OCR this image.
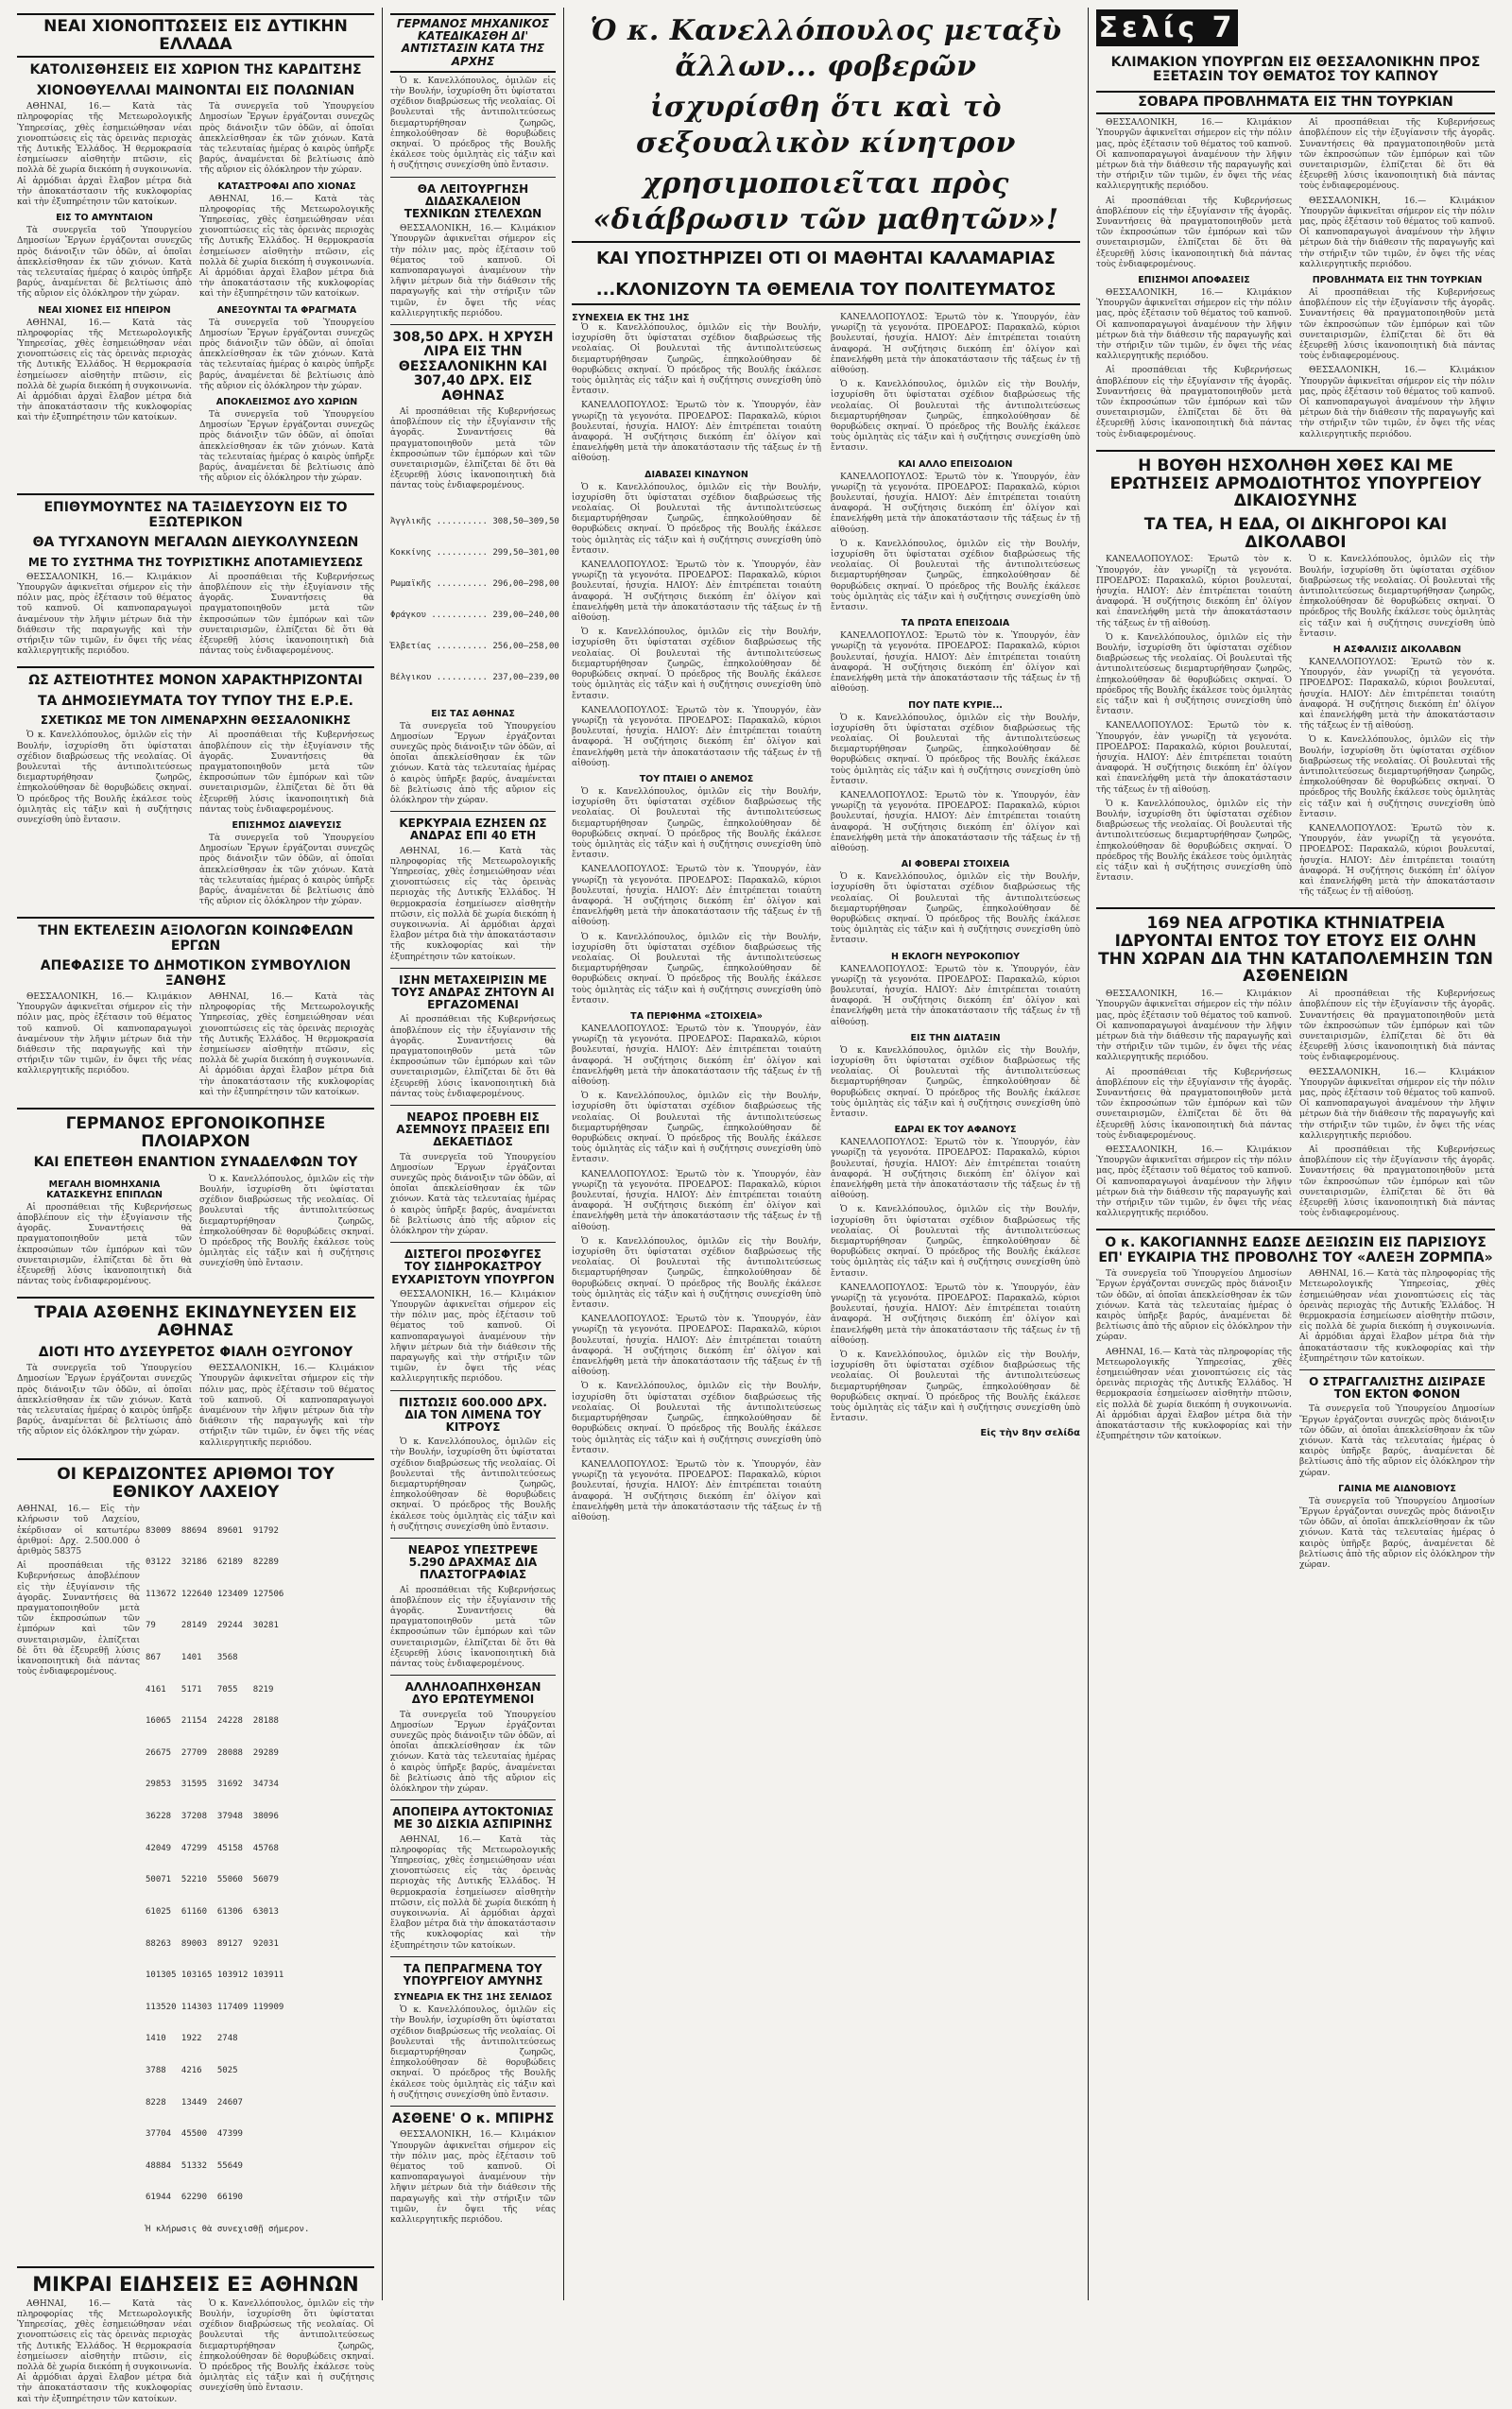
ΝΕΑΙ ΧΙΟΝΟΠΤΩΣΕΙΣ ΕΙΣ ΔΥΤΙΚΗΝ ΕΛΛΑΔΑ
ΚΑΤΟΛΙΣΘΗΣΕΙΣ ΕΙΣ ΧΩΡΙΟΝ ΤΗΣ ΚΑΡΔΙΤΣΗΣ
ΧΙΟΝΟΘΥΕΛΛΑΙ ΜΑΙΝΟΝΤΑΙ ΕΙΣ ΠΟΛΩΝΙΑΝ

ΑΘΗΝΑΙ, 16.— Κατὰ τὰς πληροφορίας τῆς Μετεωρολογικῆς Ὑπηρεσίας, χθὲς ἐσημειώθησαν νέαι χιονοπτώσεις εἰς τὰς ὀρεινὰς περιοχὰς τῆς Δυτικῆς Ἑλλάδος. Ἡ θερμοκρασία ἐσημείωσεν αἰσθητὴν πτῶσιν, εἰς πολλὰ δὲ χωρία διεκόπη ἡ συγκοινωνία. Αἱ ἀρμόδιαι ἀρχαὶ ἔλαβον μέτρα διὰ τὴν ἀποκατάστασιν τῆς κυκλοφορίας καὶ τὴν ἐξυπηρέτησιν τῶν κατοίκων.

ΕΙΣ ΤΟ ΑΜΥΝΤΑΙΟΝ

Τὰ συνεργεῖα τοῦ Ὑπουργείου Δημοσίων Ἔργων ἐργάζονται συνεχῶς πρὸς διάνοιξιν τῶν ὁδῶν, αἱ ὁποῖαι ἀπεκλείσθησαν ἐκ τῶν χιόνων. Κατὰ τὰς τελευταίας ἡμέρας ὁ καιρὸς ὑπῆρξε βαρύς, ἀναμένεται δὲ βελτίωσις ἀπὸ τῆς αὔριον εἰς ὁλόκληρον τὴν χώραν.

ΝΕΑΙ ΧΙΟΝΕΣ ΕΙΣ ΗΠΕΙΡΟΝ

ΑΘΗΝΑΙ, 16.— Κατὰ τὰς πληροφορίας τῆς Μετεωρολογικῆς Ὑπηρεσίας, χθὲς ἐσημειώθησαν νέαι χιονοπτώσεις εἰς τὰς ὀρεινὰς περιοχὰς τῆς Δυτικῆς Ἑλλάδος. Ἡ θερμοκρασία ἐσημείωσεν αἰσθητὴν πτῶσιν, εἰς πολλὰ δὲ χωρία διεκόπη ἡ συγκοινωνία. Αἱ ἀρμόδιαι ἀρχαὶ ἔλαβον μέτρα διὰ τὴν ἀποκατάστασιν τῆς κυκλοφορίας καὶ τὴν ἐξυπηρέτησιν τῶν κατοίκων.

Τὰ συνεργεῖα τοῦ Ὑπουργείου Δημοσίων Ἔργων ἐργάζονται συνεχῶς πρὸς διάνοιξιν τῶν ὁδῶν, αἱ ὁποῖαι ἀπεκλείσθησαν ἐκ τῶν χιόνων. Κατὰ τὰς τελευταίας ἡμέρας ὁ καιρὸς ὑπῆρξε βαρύς, ἀναμένεται δὲ βελτίωσις ἀπὸ τῆς αὔριον εἰς ὁλόκληρον τὴν χώραν.

ΚΑΤΑΣΤΡΟΦΑΙ ΑΠΟ ΧΙΟΝΑΣ

ΑΘΗΝΑΙ, 16.— Κατὰ τὰς πληροφορίας τῆς Μετεωρολογικῆς Ὑπηρεσίας, χθὲς ἐσημειώθησαν νέαι χιονοπτώσεις εἰς τὰς ὀρεινὰς περιοχὰς τῆς Δυτικῆς Ἑλλάδος. Ἡ θερμοκρασία ἐσημείωσεν αἰσθητὴν πτῶσιν, εἰς πολλὰ δὲ χωρία διεκόπη ἡ συγκοινωνία. Αἱ ἀρμόδιαι ἀρχαὶ ἔλαβον μέτρα διὰ τὴν ἀποκατάστασιν τῆς κυκλοφορίας καὶ τὴν ἐξυπηρέτησιν τῶν κατοίκων.

ΑΝΕΞΟΥΝΤΑΙ ΤΑ ΦΡΑΓΜΑΤΑ

Τὰ συνεργεῖα τοῦ Ὑπουργείου Δημοσίων Ἔργων ἐργάζονται συνεχῶς πρὸς διάνοιξιν τῶν ὁδῶν, αἱ ὁποῖαι ἀπεκλείσθησαν ἐκ τῶν χιόνων. Κατὰ τὰς τελευταίας ἡμέρας ὁ καιρὸς ὑπῆρξε βαρύς, ἀναμένεται δὲ βελτίωσις ἀπὸ τῆς αὔριον εἰς ὁλόκληρον τὴν χώραν.

ΑΠΟΚΛΕΙΣΜΟΣ ΔΥΟ ΧΩΡΙΩΝ

Τὰ συνεργεῖα τοῦ Ὑπουργείου Δημοσίων Ἔργων ἐργάζονται συνεχῶς πρὸς διάνοιξιν τῶν ὁδῶν, αἱ ὁποῖαι ἀπεκλείσθησαν ἐκ τῶν χιόνων. Κατὰ τὰς τελευταίας ἡμέρας ὁ καιρὸς ὑπῆρξε βαρύς, ἀναμένεται δὲ βελτίωσις ἀπὸ τῆς αὔριον εἰς ὁλόκληρον τὴν χώραν.

ΕΠΙΘΥΜΟΥΝΤΕΣ ΝΑ ΤΑΞΙΔΕΥΣΟΥΝ ΕΙΣ ΤΟ ΕΞΩΤΕΡΙΚΟΝ
ΘΑ ΤΥΓΧΑΝΟΥΝ ΜΕΓΑΛΩΝ ΔΙΕΥΚΟΛΥΝΣΕΩΝ
ΜΕ ΤΟ ΣΥΣΤΗΜΑ ΤΗΣ ΤΟΥΡΙΣΤΙΚΗΣ ΑΠΟΤΑΜΙΕΥΣΕΩΣ

ΘΕΣΣΑΛΟΝΙΚΗ, 16.— Κλιμάκιον Ὑπουργῶν ἀφικνεῖται σήμερον εἰς τὴν πόλιν μας, πρὸς ἐξέτασιν τοῦ θέματος τοῦ καπνοῦ. Οἱ καπνοπαραγωγοὶ ἀναμένουν τὴν λῆψιν μέτρων διὰ τὴν διάθεσιν τῆς παραγωγῆς καὶ τὴν στήριξιν τῶν τιμῶν, ἐν ὄψει τῆς νέας καλλιεργητικῆς περιόδου.

Αἱ προσπάθειαι τῆς Κυβερνήσεως ἀποβλέπουν εἰς τὴν ἐξυγίανσιν τῆς ἀγορᾶς. Συναντήσεις θὰ πραγματοποιηθοῦν μετὰ τῶν ἐκπροσώπων τῶν ἐμπόρων καὶ τῶν συνεταιρισμῶν, ἐλπίζεται δὲ ὅτι θὰ ἐξευρεθῇ λύσις ἱκανοποιητικὴ διὰ πάντας τοὺς ἐνδιαφερομένους.

ΩΣ ΑΣΤΕΙΟΤΗΤΕΣ ΜΟΝΟΝ ΧΑΡΑΚΤΗΡΙΖΟΝΤΑΙ
ΤΑ ΔΗΜΟΣΙΕΥΜΑΤΑ ΤΟΥ ΤΥΠΟΥ ΤΗΣ Ε.Ρ.Ε.
ΣΧΕΤΙΚΩΣ ΜΕ ΤΟΝ ΛΙΜΕΝΑΡΧΗΝ ΘΕΣΣΑΛΟΝΙΚΗΣ

Ὁ κ. Κανελλόπουλος, ὁμιλῶν εἰς τὴν Βουλήν, ἰσχυρίσθη ὅτι ὑφίσταται σχέδιον διαβρώσεως τῆς νεολαίας. Οἱ βουλευταὶ τῆς ἀντιπολιτεύσεως διεμαρτυρήθησαν ζωηρῶς, ἐπηκολούθησαν δὲ θορυβώδεις σκηναί. Ὁ πρόεδρος τῆς Βουλῆς ἐκάλεσε τοὺς ὁμιλητὰς εἰς τάξιν καὶ ἡ συζήτησις συνεχίσθη ὑπὸ ἔντασιν.

Αἱ προσπάθειαι τῆς Κυβερνήσεως ἀποβλέπουν εἰς τὴν ἐξυγίανσιν τῆς ἀγορᾶς. Συναντήσεις θὰ πραγματοποιηθοῦν μετὰ τῶν ἐκπροσώπων τῶν ἐμπόρων καὶ τῶν συνεταιρισμῶν, ἐλπίζεται δὲ ὅτι θὰ ἐξευρεθῇ λύσις ἱκανοποιητικὴ διὰ πάντας τοὺς ἐνδιαφερομένους.

ΕΠΙΣΗΜΟΣ ΔΙΑΨΕΥΣΙΣ

Τὰ συνεργεῖα τοῦ Ὑπουργείου Δημοσίων Ἔργων ἐργάζονται συνεχῶς πρὸς διάνοιξιν τῶν ὁδῶν, αἱ ὁποῖαι ἀπεκλείσθησαν ἐκ τῶν χιόνων. Κατὰ τὰς τελευταίας ἡμέρας ὁ καιρὸς ὑπῆρξε βαρύς, ἀναμένεται δὲ βελτίωσις ἀπὸ τῆς αὔριον εἰς ὁλόκληρον τὴν χώραν.

ΤΗΝ ΕΚΤΕΛΕΣΙΝ ΑΞΙΟΛΟΓΩΝ ΚΟΙΝΩΦΕΛΩΝ ΕΡΓΩΝ
ΑΠΕΦΑΣΙΣΕ ΤΟ ΔΗΜΟΤΙΚΟΝ ΣΥΜΒΟΥΛΙΟΝ ΞΑΝΘΗΣ

ΘΕΣΣΑΛΟΝΙΚΗ, 16.— Κλιμάκιον Ὑπουργῶν ἀφικνεῖται σήμερον εἰς τὴν πόλιν μας, πρὸς ἐξέτασιν τοῦ θέματος τοῦ καπνοῦ. Οἱ καπνοπαραγωγοὶ ἀναμένουν τὴν λῆψιν μέτρων διὰ τὴν διάθεσιν τῆς παραγωγῆς καὶ τὴν στήριξιν τῶν τιμῶν, ἐν ὄψει τῆς νέας καλλιεργητικῆς περιόδου.

ΑΘΗΝΑΙ, 16.— Κατὰ τὰς πληροφορίας τῆς Μετεωρολογικῆς Ὑπηρεσίας, χθὲς ἐσημειώθησαν νέαι χιονοπτώσεις εἰς τὰς ὀρεινὰς περιοχὰς τῆς Δυτικῆς Ἑλλάδος. Ἡ θερμοκρασία ἐσημείωσεν αἰσθητὴν πτῶσιν, εἰς πολλὰ δὲ χωρία διεκόπη ἡ συγκοινωνία. Αἱ ἀρμόδιαι ἀρχαὶ ἔλαβον μέτρα διὰ τὴν ἀποκατάστασιν τῆς κυκλοφορίας καὶ τὴν ἐξυπηρέτησιν τῶν κατοίκων.

ΓΕΡΜΑΝΟΣ ΕΡΓΟΝΟΙΚΟΠΗΣΕ ΠΛΟΙΑΡΧΟΝ
ΚΑΙ ΕΠΕΤΕΘΗ ΕΝΑΝΤΙΟΝ ΣΥΝΑΔΕΛΦΩΝ ΤΟΥ
ΜΕΓΑΛΗ ΒΙΟΜΗΧΑΝΙΑ ΚΑΤΑΣΚΕΥΗΣ ΕΠΙΠΛΩΝ

Αἱ προσπάθειαι τῆς Κυβερνήσεως ἀποβλέπουν εἰς τὴν ἐξυγίανσιν τῆς ἀγορᾶς. Συναντήσεις θὰ πραγματοποιηθοῦν μετὰ τῶν ἐκπροσώπων τῶν ἐμπόρων καὶ τῶν συνεταιρισμῶν, ἐλπίζεται δὲ ὅτι θὰ ἐξευρεθῇ λύσις ἱκανοποιητικὴ διὰ πάντας τοὺς ἐνδιαφερομένους.

Ὁ κ. Κανελλόπουλος, ὁμιλῶν εἰς τὴν Βουλήν, ἰσχυρίσθη ὅτι ὑφίσταται σχέδιον διαβρώσεως τῆς νεολαίας. Οἱ βουλευταὶ τῆς ἀντιπολιτεύσεως διεμαρτυρήθησαν ζωηρῶς, ἐπηκολούθησαν δὲ θορυβώδεις σκηναί. Ὁ πρόεδρος τῆς Βουλῆς ἐκάλεσε τοὺς ὁμιλητὰς εἰς τάξιν καὶ ἡ συζήτησις συνεχίσθη ὑπὸ ἔντασιν.

ΤΡΑΙΑ ΑΣΘΕΝΗΣ ΕΚΙΝΔΥΝΕΥΣΕΝ ΕΙΣ ΑΘΗΝΑΣ
ΔΙΟΤΙ ΗΤΟ ΔΥΣΕΥΡΕΤΟΣ ΦΙΑΛΗ ΟΞΥΓΟΝΟΥ

Τὰ συνεργεῖα τοῦ Ὑπουργείου Δημοσίων Ἔργων ἐργάζονται συνεχῶς πρὸς διάνοιξιν τῶν ὁδῶν, αἱ ὁποῖαι ἀπεκλείσθησαν ἐκ τῶν χιόνων. Κατὰ τὰς τελευταίας ἡμέρας ὁ καιρὸς ὑπῆρξε βαρύς, ἀναμένεται δὲ βελτίωσις ἀπὸ τῆς αὔριον εἰς ὁλόκληρον τὴν χώραν.

ΘΕΣΣΑΛΟΝΙΚΗ, 16.— Κλιμάκιον Ὑπουργῶν ἀφικνεῖται σήμερον εἰς τὴν πόλιν μας, πρὸς ἐξέτασιν τοῦ θέματος τοῦ καπνοῦ. Οἱ καπνοπαραγωγοὶ ἀναμένουν τὴν λῆψιν μέτρων διὰ τὴν διάθεσιν τῆς παραγωγῆς καὶ τὴν στήριξιν τῶν τιμῶν, ἐν ὄψει τῆς νέας καλλιεργητικῆς περιόδου.

ΟΙ ΚΕΡΔΙΖΟΝΤΕΣ ΑΡΙΘΜΟΙ ΤΟΥ ΕΘΝΙΚΟΥ ΛΑΧΕΙΟΥ

ΑΘΗΝΑΙ, 16.— Εἰς τὴν κλήρωσιν τοῦ Λαχείου, ἐκέρδισαν οἱ κατωτέρω ἀριθμοί: Δρχ. 2.500.000 ὁ ἀριθμὸς 58375

Αἱ προσπάθειαι τῆς Κυβερνήσεως ἀποβλέπουν εἰς τὴν ἐξυγίανσιν τῆς ἀγορᾶς. Συναντήσεις θὰ πραγματοποιηθοῦν μετὰ τῶν ἐκπροσώπων τῶν ἐμπόρων καὶ τῶν συνεταιρισμῶν, ἐλπίζεται δὲ ὅτι θὰ ἐξευρεθῇ λύσις ἱκανοποιητικὴ διὰ πάντας τοὺς ἐνδιαφερομένους.

83009  88694  89601  91792

03122  32186  62189  82289

113672 122640 123409 127506

79     28149  29244  30281

867    1401   3568

4161   5171   7055   8219

16065  21154  24228  28188

26675  27709  28088  29289

29853  31595  31692  34734

36228  37208  37948  38096

42049  47299  45158  45768

50071  52210  55060  56079

61025  61160  61306  63013

88263  89003  89127  92031

101305 103165 103912 103911

113520 114303 117409 119909

1410   1922   2748

3788   4216   5025

8228   13449  24607

37704  45500  47399

48884  51332  55649

61944  62290  66190

Ἡ κλήρωσις θὰ συνεχισθῇ σήμερον.

ΜΙΚΡΑΙ ΕΙΔΗΣΕΙΣ ΕΞ ΑΘΗΝΩΝ

ΑΘΗΝΑΙ, 16.— Κατὰ τὰς πληροφορίας τῆς Μετεωρολογικῆς Ὑπηρεσίας, χθὲς ἐσημειώθησαν νέαι χιονοπτώσεις εἰς τὰς ὀρεινὰς περιοχὰς τῆς Δυτικῆς Ἑλλάδος. Ἡ θερμοκρασία ἐσημείωσεν αἰσθητὴν πτῶσιν, εἰς πολλὰ δὲ χωρία διεκόπη ἡ συγκοινωνία. Αἱ ἀρμόδιαι ἀρχαὶ ἔλαβον μέτρα διὰ τὴν ἀποκατάστασιν τῆς κυκλοφορίας καὶ τὴν ἐξυπηρέτησιν τῶν κατοίκων.

Ὁ κ. Κανελλόπουλος, ὁμιλῶν εἰς τὴν Βουλήν, ἰσχυρίσθη ὅτι ὑφίσταται σχέδιον διαβρώσεως τῆς νεολαίας. Οἱ βουλευταὶ τῆς ἀντιπολιτεύσεως διεμαρτυρήθησαν ζωηρῶς, ἐπηκολούθησαν δὲ θορυβώδεις σκηναί. Ὁ πρόεδρος τῆς Βουλῆς ἐκάλεσε τοὺς ὁμιλητὰς εἰς τάξιν καὶ ἡ συζήτησις συνεχίσθη ὑπὸ ἔντασιν.

ΓΕΡΜΑΝΟΣ ΜΗΧΑΝΙΚΟΣ ΚΑΤΕΔΙΚΑΣΘΗ ΔΙ' ΑΝΤΙΣΤΑΣΙΝ ΚΑΤΑ ΤΗΣ ΑΡΧΗΣ

Ὁ κ. Κανελλόπουλος, ὁμιλῶν εἰς τὴν Βουλήν, ἰσχυρίσθη ὅτι ὑφίσταται σχέδιον διαβρώσεως τῆς νεολαίας. Οἱ βουλευταὶ τῆς ἀντιπολιτεύσεως διεμαρτυρήθησαν ζωηρῶς, ἐπηκολούθησαν δὲ θορυβώδεις σκηναί. Ὁ πρόεδρος τῆς Βουλῆς ἐκάλεσε τοὺς ὁμιλητὰς εἰς τάξιν καὶ ἡ συζήτησις συνεχίσθη ὑπὸ ἔντασιν.

ΘΑ ΛΕΙΤΟΥΡΓΗΣΗ ΔΙΔΑΣΚΑΛΕΙΟΝ ΤΕΧΝΙΚΩΝ ΣΤΕΛΕΧΩΝ

ΘΕΣΣΑΛΟΝΙΚΗ, 16.— Κλιμάκιον Ὑπουργῶν ἀφικνεῖται σήμερον εἰς τὴν πόλιν μας, πρὸς ἐξέτασιν τοῦ θέματος τοῦ καπνοῦ. Οἱ καπνοπαραγωγοὶ ἀναμένουν τὴν λῆψιν μέτρων διὰ τὴν διάθεσιν τῆς παραγωγῆς καὶ τὴν στήριξιν τῶν τιμῶν, ἐν ὄψει τῆς νέας καλλιεργητικῆς περιόδου.

308,50 ΔΡΧ. Η ΧΡΥΣΗ ΛΙΡΑ ΕΙΣ ΤΗΝ ΘΕΣΣΑΛΟΝΙΚΗΝ ΚΑΙ 307,40 ΔΡΧ. ΕΙΣ ΑΘΗΝΑΣ

Αἱ προσπάθειαι τῆς Κυβερνήσεως ἀποβλέπουν εἰς τὴν ἐξυγίανσιν τῆς ἀγορᾶς. Συναντήσεις θὰ πραγματοποιηθοῦν μετὰ τῶν ἐκπροσώπων τῶν ἐμπόρων καὶ τῶν συνεταιρισμῶν, ἐλπίζεται δὲ ὅτι θὰ ἐξευρεθῇ λύσις ἱκανοποιητικὴ διὰ πάντας τοὺς ἐνδιαφερομένους.

Ἀγγλικῆς .......... 308,50—309,50

Κοκκίνης .......... 299,50—301,00

Ρωμαϊκῆς .......... 296,00—298,00

Φράγκου ........... 239,00—240,00

Ἑλβετίας .......... 256,00—258,00

Βέλγικου .......... 237,00—239,00

ΕΙΣ ΤΑΣ ΑΘΗΝΑΣ

Τὰ συνεργεῖα τοῦ Ὑπουργείου Δημοσίων Ἔργων ἐργάζονται συνεχῶς πρὸς διάνοιξιν τῶν ὁδῶν, αἱ ὁποῖαι ἀπεκλείσθησαν ἐκ τῶν χιόνων. Κατὰ τὰς τελευταίας ἡμέρας ὁ καιρὸς ὑπῆρξε βαρύς, ἀναμένεται δὲ βελτίωσις ἀπὸ τῆς αὔριον εἰς ὁλόκληρον τὴν χώραν.

ΚΕΡΚΥΡΑΙΑ ΕΖΗΣΕΝ ΩΣ ΑΝΔΡΑΣ ΕΠΙ 40 ΕΤΗ

ΑΘΗΝΑΙ, 16.— Κατὰ τὰς πληροφορίας τῆς Μετεωρολογικῆς Ὑπηρεσίας, χθὲς ἐσημειώθησαν νέαι χιονοπτώσεις εἰς τὰς ὀρεινὰς περιοχὰς τῆς Δυτικῆς Ἑλλάδος. Ἡ θερμοκρασία ἐσημείωσεν αἰσθητὴν πτῶσιν, εἰς πολλὰ δὲ χωρία διεκόπη ἡ συγκοινωνία. Αἱ ἀρμόδιαι ἀρχαὶ ἔλαβον μέτρα διὰ τὴν ἀποκατάστασιν τῆς κυκλοφορίας καὶ τὴν ἐξυπηρέτησιν τῶν κατοίκων.

ΙΣΗΝ ΜΕΤΑΧΕΙΡΙΣΙΝ ΜΕ ΤΟΥΣ ΑΝΔΡΑΣ ΖΗΤΟΥΝ ΑΙ ΕΡΓΑΖΟΜΕΝΑΙ

Αἱ προσπάθειαι τῆς Κυβερνήσεως ἀποβλέπουν εἰς τὴν ἐξυγίανσιν τῆς ἀγορᾶς. Συναντήσεις θὰ πραγματοποιηθοῦν μετὰ τῶν ἐκπροσώπων τῶν ἐμπόρων καὶ τῶν συνεταιρισμῶν, ἐλπίζεται δὲ ὅτι θὰ ἐξευρεθῇ λύσις ἱκανοποιητικὴ διὰ πάντας τοὺς ἐνδιαφερομένους.

ΝΕΑΡΟΣ ΠΡΟΕΒΗ ΕΙΣ ΑΣΕΜΝΟΥΣ ΠΡΑΞΕΙΣ ΕΠΙ ΔΕΚΑΕΤΙΔΟΣ

Τὰ συνεργεῖα τοῦ Ὑπουργείου Δημοσίων Ἔργων ἐργάζονται συνεχῶς πρὸς διάνοιξιν τῶν ὁδῶν, αἱ ὁποῖαι ἀπεκλείσθησαν ἐκ τῶν χιόνων. Κατὰ τὰς τελευταίας ἡμέρας ὁ καιρὸς ὑπῆρξε βαρύς, ἀναμένεται δὲ βελτίωσις ἀπὸ τῆς αὔριον εἰς ὁλόκληρον τὴν χώραν.

ΔΙΣΤΕΓΟΙ ΠΡΟΣΦΥΓΕΣ ΤΟΥ ΣΙΔΗΡΟΚΑΣΤΡΟΥ ΕΥΧΑΡΙΣΤΟΥΝ ΥΠΟΥΡΓΟΝ

ΘΕΣΣΑΛΟΝΙΚΗ, 16.— Κλιμάκιον Ὑπουργῶν ἀφικνεῖται σήμερον εἰς τὴν πόλιν μας, πρὸς ἐξέτασιν τοῦ θέματος τοῦ καπνοῦ. Οἱ καπνοπαραγωγοὶ ἀναμένουν τὴν λῆψιν μέτρων διὰ τὴν διάθεσιν τῆς παραγωγῆς καὶ τὴν στήριξιν τῶν τιμῶν, ἐν ὄψει τῆς νέας καλλιεργητικῆς περιόδου.

ΠΙΣΤΩΣΙΣ 600.000 ΔΡΧ. ΔΙΑ ΤΟΝ ΛΙΜΕΝΑ ΤΟΥ ΚΙΤΡΟΥΣ

Ὁ κ. Κανελλόπουλος, ὁμιλῶν εἰς τὴν Βουλήν, ἰσχυρίσθη ὅτι ὑφίσταται σχέδιον διαβρώσεως τῆς νεολαίας. Οἱ βουλευταὶ τῆς ἀντιπολιτεύσεως διεμαρτυρήθησαν ζωηρῶς, ἐπηκολούθησαν δὲ θορυβώδεις σκηναί. Ὁ πρόεδρος τῆς Βουλῆς ἐκάλεσε τοὺς ὁμιλητὰς εἰς τάξιν καὶ ἡ συζήτησις συνεχίσθη ὑπὸ ἔντασιν.

ΝΕΑΡΟΣ ΥΠΕΣΤΡΕΨΕ 5.290 ΔΡΑΧΜΑΣ ΔΙΑ ΠΛΑΣΤΟΓΡΑΦΙΑΣ

Αἱ προσπάθειαι τῆς Κυβερνήσεως ἀποβλέπουν εἰς τὴν ἐξυγίανσιν τῆς ἀγορᾶς. Συναντήσεις θὰ πραγματοποιηθοῦν μετὰ τῶν ἐκπροσώπων τῶν ἐμπόρων καὶ τῶν συνεταιρισμῶν, ἐλπίζεται δὲ ὅτι θὰ ἐξευρεθῇ λύσις ἱκανοποιητικὴ διὰ πάντας τοὺς ἐνδιαφερομένους.

ΑΛΛΗΛΟΑΠΗΧΘΗΣΑΝ ΔΥΟ ΕΡΩΤΕΥΜΕΝΟΙ

Τὰ συνεργεῖα τοῦ Ὑπουργείου Δημοσίων Ἔργων ἐργάζονται συνεχῶς πρὸς διάνοιξιν τῶν ὁδῶν, αἱ ὁποῖαι ἀπεκλείσθησαν ἐκ τῶν χιόνων. Κατὰ τὰς τελευταίας ἡμέρας ὁ καιρὸς ὑπῆρξε βαρύς, ἀναμένεται δὲ βελτίωσις ἀπὸ τῆς αὔριον εἰς ὁλόκληρον τὴν χώραν.

ΑΠΟΠΕΙΡΑ ΑΥΤΟΚΤΟΝΙΑΣ ΜΕ 30 ΔΙΣΚΙΑ ΑΣΠΙΡΙΝΗΣ

ΑΘΗΝΑΙ, 16.— Κατὰ τὰς πληροφορίας τῆς Μετεωρολογικῆς Ὑπηρεσίας, χθὲς ἐσημειώθησαν νέαι χιονοπτώσεις εἰς τὰς ὀρεινὰς περιοχὰς τῆς Δυτικῆς Ἑλλάδος. Ἡ θερμοκρασία ἐσημείωσεν αἰσθητὴν πτῶσιν, εἰς πολλὰ δὲ χωρία διεκόπη ἡ συγκοινωνία. Αἱ ἀρμόδιαι ἀρχαὶ ἔλαβον μέτρα διὰ τὴν ἀποκατάστασιν τῆς κυκλοφορίας καὶ τὴν ἐξυπηρέτησιν τῶν κατοίκων.

ΤΑ ΠΕΠΡΑΓΜΕΝΑ ΤΟΥ ΥΠΟΥΡΓΕΙΟΥ ΑΜΥΝΗΣ
ΣΥΝΕΔΡΙΑ ΕΚ ΤΗΣ 1ΗΣ ΣΕΛΙΔΟΣ

Ὁ κ. Κανελλόπουλος, ὁμιλῶν εἰς τὴν Βουλήν, ἰσχυρίσθη ὅτι ὑφίσταται σχέδιον διαβρώσεως τῆς νεολαίας. Οἱ βουλευταὶ τῆς ἀντιπολιτεύσεως διεμαρτυρήθησαν ζωηρῶς, ἐπηκολούθησαν δὲ θορυβώδεις σκηναί. Ὁ πρόεδρος τῆς Βουλῆς ἐκάλεσε τοὺς ὁμιλητὰς εἰς τάξιν καὶ ἡ συζήτησις συνεχίσθη ὑπὸ ἔντασιν.

ΑΣΘΕΝΕ' Ο κ. ΜΠΙΡΗΣ

ΘΕΣΣΑΛΟΝΙΚΗ, 16.— Κλιμάκιον Ὑπουργῶν ἀφικνεῖται σήμερον εἰς τὴν πόλιν μας, πρὸς ἐξέτασιν τοῦ θέματος τοῦ καπνοῦ. Οἱ καπνοπαραγωγοὶ ἀναμένουν τὴν λῆψιν μέτρων διὰ τὴν διάθεσιν τῆς παραγωγῆς καὶ τὴν στήριξιν τῶν τιμῶν, ἐν ὄψει τῆς νέας καλλιεργητικῆς περιόδου.

Ὁ κ. Κανελλόπουλος μεταξὺ ἄλλων... φοβερῶν
ἰσχυρίσθη ὅτι καὶ τὸ σεξουαλικὸν κίνητρον
χρησιμοποιεῖται πρὸς «διάβρωσιν τῶν μαθητῶν»!
ΚΑΙ ΥΠΟΣΤΗΡΙΖΕΙ ΟΤΙ ΟΙ ΜΑΘΗΤΑΙ ΚΑΛΑΜΑΡΙΑΣ
...ΚΛΟΝΙΖΟΥΝ ΤΑ ΘΕΜΕΛΙΑ ΤΟΥ ΠΟΛΙΤΕΥΜΑΤΟΣ
ΣΥΝΕΧΕΙΑ ΕΚ ΤΗΣ 1ΗΣ

Ὁ κ. Κανελλόπουλος, ὁμιλῶν εἰς τὴν Βουλήν, ἰσχυρίσθη ὅτι ὑφίσταται σχέδιον διαβρώσεως τῆς νεολαίας. Οἱ βουλευταὶ τῆς ἀντιπολιτεύσεως διεμαρτυρήθησαν ζωηρῶς, ἐπηκολούθησαν δὲ θορυβώδεις σκηναί. Ὁ πρόεδρος τῆς Βουλῆς ἐκάλεσε τοὺς ὁμιλητὰς εἰς τάξιν καὶ ἡ συζήτησις συνεχίσθη ὑπὸ ἔντασιν.

ΚΑΝΕΛΛΟΠΟΥΛΟΣ: Ἐρωτῶ τὸν κ. Ὑπουργόν, ἐὰν γνωρίζῃ τὰ γεγονότα. ΠΡΟΕΔΡΟΣ: Παρακαλῶ, κύριοι βουλευταί, ἡσυχία. ΗΛΙΟΥ: Δὲν ἐπιτρέπεται τοιαύτη ἀναφορά. Ἡ συζήτησις διεκόπη ἐπ' ὀλίγον καὶ ἐπανελήφθη μετὰ τὴν ἀποκατάστασιν τῆς τάξεως ἐν τῇ αἰθούσῃ.

ΔΙΑΒΑΣΕΙ ΚΙΝΔΥΝΟΝ

Ὁ κ. Κανελλόπουλος, ὁμιλῶν εἰς τὴν Βουλήν, ἰσχυρίσθη ὅτι ὑφίσταται σχέδιον διαβρώσεως τῆς νεολαίας. Οἱ βουλευταὶ τῆς ἀντιπολιτεύσεως διεμαρτυρήθησαν ζωηρῶς, ἐπηκολούθησαν δὲ θορυβώδεις σκηναί. Ὁ πρόεδρος τῆς Βουλῆς ἐκάλεσε τοὺς ὁμιλητὰς εἰς τάξιν καὶ ἡ συζήτησις συνεχίσθη ὑπὸ ἔντασιν.

ΚΑΝΕΛΛΟΠΟΥΛΟΣ: Ἐρωτῶ τὸν κ. Ὑπουργόν, ἐὰν γνωρίζῃ τὰ γεγονότα. ΠΡΟΕΔΡΟΣ: Παρακαλῶ, κύριοι βουλευταί, ἡσυχία. ΗΛΙΟΥ: Δὲν ἐπιτρέπεται τοιαύτη ἀναφορά. Ἡ συζήτησις διεκόπη ἐπ' ὀλίγον καὶ ἐπανελήφθη μετὰ τὴν ἀποκατάστασιν τῆς τάξεως ἐν τῇ αἰθούσῃ.

Ὁ κ. Κανελλόπουλος, ὁμιλῶν εἰς τὴν Βουλήν, ἰσχυρίσθη ὅτι ὑφίσταται σχέδιον διαβρώσεως τῆς νεολαίας. Οἱ βουλευταὶ τῆς ἀντιπολιτεύσεως διεμαρτυρήθησαν ζωηρῶς, ἐπηκολούθησαν δὲ θορυβώδεις σκηναί. Ὁ πρόεδρος τῆς Βουλῆς ἐκάλεσε τοὺς ὁμιλητὰς εἰς τάξιν καὶ ἡ συζήτησις συνεχίσθη ὑπὸ ἔντασιν.

ΚΑΝΕΛΛΟΠΟΥΛΟΣ: Ἐρωτῶ τὸν κ. Ὑπουργόν, ἐὰν γνωρίζῃ τὰ γεγονότα. ΠΡΟΕΔΡΟΣ: Παρακαλῶ, κύριοι βουλευταί, ἡσυχία. ΗΛΙΟΥ: Δὲν ἐπιτρέπεται τοιαύτη ἀναφορά. Ἡ συζήτησις διεκόπη ἐπ' ὀλίγον καὶ ἐπανελήφθη μετὰ τὴν ἀποκατάστασιν τῆς τάξεως ἐν τῇ αἰθούσῃ.

ΤΟΥ ΠΤΑΙΕΙ Ο ΑΝΕΜΟΣ

Ὁ κ. Κανελλόπουλος, ὁμιλῶν εἰς τὴν Βουλήν, ἰσχυρίσθη ὅτι ὑφίσταται σχέδιον διαβρώσεως τῆς νεολαίας. Οἱ βουλευταὶ τῆς ἀντιπολιτεύσεως διεμαρτυρήθησαν ζωηρῶς, ἐπηκολούθησαν δὲ θορυβώδεις σκηναί. Ὁ πρόεδρος τῆς Βουλῆς ἐκάλεσε τοὺς ὁμιλητὰς εἰς τάξιν καὶ ἡ συζήτησις συνεχίσθη ὑπὸ ἔντασιν.

ΚΑΝΕΛΛΟΠΟΥΛΟΣ: Ἐρωτῶ τὸν κ. Ὑπουργόν, ἐὰν γνωρίζῃ τὰ γεγονότα. ΠΡΟΕΔΡΟΣ: Παρακαλῶ, κύριοι βουλευταί, ἡσυχία. ΗΛΙΟΥ: Δὲν ἐπιτρέπεται τοιαύτη ἀναφορά. Ἡ συζήτησις διεκόπη ἐπ' ὀλίγον καὶ ἐπανελήφθη μετὰ τὴν ἀποκατάστασιν τῆς τάξεως ἐν τῇ αἰθούσῃ.

Ὁ κ. Κανελλόπουλος, ὁμιλῶν εἰς τὴν Βουλήν, ἰσχυρίσθη ὅτι ὑφίσταται σχέδιον διαβρώσεως τῆς νεολαίας. Οἱ βουλευταὶ τῆς ἀντιπολιτεύσεως διεμαρτυρήθησαν ζωηρῶς, ἐπηκολούθησαν δὲ θορυβώδεις σκηναί. Ὁ πρόεδρος τῆς Βουλῆς ἐκάλεσε τοὺς ὁμιλητὰς εἰς τάξιν καὶ ἡ συζήτησις συνεχίσθη ὑπὸ ἔντασιν.

ΤΑ ΠΕΡΙΦΗΜΑ «ΣΤΟΙΧΕΙΑ»

ΚΑΝΕΛΛΟΠΟΥΛΟΣ: Ἐρωτῶ τὸν κ. Ὑπουργόν, ἐὰν γνωρίζῃ τὰ γεγονότα. ΠΡΟΕΔΡΟΣ: Παρακαλῶ, κύριοι βουλευταί, ἡσυχία. ΗΛΙΟΥ: Δὲν ἐπιτρέπεται τοιαύτη ἀναφορά. Ἡ συζήτησις διεκόπη ἐπ' ὀλίγον καὶ ἐπανελήφθη μετὰ τὴν ἀποκατάστασιν τῆς τάξεως ἐν τῇ αἰθούσῃ.

Ὁ κ. Κανελλόπουλος, ὁμιλῶν εἰς τὴν Βουλήν, ἰσχυρίσθη ὅτι ὑφίσταται σχέδιον διαβρώσεως τῆς νεολαίας. Οἱ βουλευταὶ τῆς ἀντιπολιτεύσεως διεμαρτυρήθησαν ζωηρῶς, ἐπηκολούθησαν δὲ θορυβώδεις σκηναί. Ὁ πρόεδρος τῆς Βουλῆς ἐκάλεσε τοὺς ὁμιλητὰς εἰς τάξιν καὶ ἡ συζήτησις συνεχίσθη ὑπὸ ἔντασιν.

ΚΑΝΕΛΛΟΠΟΥΛΟΣ: Ἐρωτῶ τὸν κ. Ὑπουργόν, ἐὰν γνωρίζῃ τὰ γεγονότα. ΠΡΟΕΔΡΟΣ: Παρακαλῶ, κύριοι βουλευταί, ἡσυχία. ΗΛΙΟΥ: Δὲν ἐπιτρέπεται τοιαύτη ἀναφορά. Ἡ συζήτησις διεκόπη ἐπ' ὀλίγον καὶ ἐπανελήφθη μετὰ τὴν ἀποκατάστασιν τῆς τάξεως ἐν τῇ αἰθούσῃ.

Ὁ κ. Κανελλόπουλος, ὁμιλῶν εἰς τὴν Βουλήν, ἰσχυρίσθη ὅτι ὑφίσταται σχέδιον διαβρώσεως τῆς νεολαίας. Οἱ βουλευταὶ τῆς ἀντιπολιτεύσεως διεμαρτυρήθησαν ζωηρῶς, ἐπηκολούθησαν δὲ θορυβώδεις σκηναί. Ὁ πρόεδρος τῆς Βουλῆς ἐκάλεσε τοὺς ὁμιλητὰς εἰς τάξιν καὶ ἡ συζήτησις συνεχίσθη ὑπὸ ἔντασιν.

ΚΑΝΕΛΛΟΠΟΥΛΟΣ: Ἐρωτῶ τὸν κ. Ὑπουργόν, ἐὰν γνωρίζῃ τὰ γεγονότα. ΠΡΟΕΔΡΟΣ: Παρακαλῶ, κύριοι βουλευταί, ἡσυχία. ΗΛΙΟΥ: Δὲν ἐπιτρέπεται τοιαύτη ἀναφορά. Ἡ συζήτησις διεκόπη ἐπ' ὀλίγον καὶ ἐπανελήφθη μετὰ τὴν ἀποκατάστασιν τῆς τάξεως ἐν τῇ αἰθούσῃ.

Ὁ κ. Κανελλόπουλος, ὁμιλῶν εἰς τὴν Βουλήν, ἰσχυρίσθη ὅτι ὑφίσταται σχέδιον διαβρώσεως τῆς νεολαίας. Οἱ βουλευταὶ τῆς ἀντιπολιτεύσεως διεμαρτυρήθησαν ζωηρῶς, ἐπηκολούθησαν δὲ θορυβώδεις σκηναί. Ὁ πρόεδρος τῆς Βουλῆς ἐκάλεσε τοὺς ὁμιλητὰς εἰς τάξιν καὶ ἡ συζήτησις συνεχίσθη ὑπὸ ἔντασιν.

ΚΑΝΕΛΛΟΠΟΥΛΟΣ: Ἐρωτῶ τὸν κ. Ὑπουργόν, ἐὰν γνωρίζῃ τὰ γεγονότα. ΠΡΟΕΔΡΟΣ: Παρακαλῶ, κύριοι βουλευταί, ἡσυχία. ΗΛΙΟΥ: Δὲν ἐπιτρέπεται τοιαύτη ἀναφορά. Ἡ συζήτησις διεκόπη ἐπ' ὀλίγον καὶ ἐπανελήφθη μετὰ τὴν ἀποκατάστασιν τῆς τάξεως ἐν τῇ αἰθούσῃ.

ΚΑΝΕΛΛΟΠΟΥΛΟΣ: Ἐρωτῶ τὸν κ. Ὑπουργόν, ἐὰν γνωρίζῃ τὰ γεγονότα. ΠΡΟΕΔΡΟΣ: Παρακαλῶ, κύριοι βουλευταί, ἡσυχία. ΗΛΙΟΥ: Δὲν ἐπιτρέπεται τοιαύτη ἀναφορά. Ἡ συζήτησις διεκόπη ἐπ' ὀλίγον καὶ ἐπανελήφθη μετὰ τὴν ἀποκατάστασιν τῆς τάξεως ἐν τῇ αἰθούσῃ.

Ὁ κ. Κανελλόπουλος, ὁμιλῶν εἰς τὴν Βουλήν, ἰσχυρίσθη ὅτι ὑφίσταται σχέδιον διαβρώσεως τῆς νεολαίας. Οἱ βουλευταὶ τῆς ἀντιπολιτεύσεως διεμαρτυρήθησαν ζωηρῶς, ἐπηκολούθησαν δὲ θορυβώδεις σκηναί. Ὁ πρόεδρος τῆς Βουλῆς ἐκάλεσε τοὺς ὁμιλητὰς εἰς τάξιν καὶ ἡ συζήτησις συνεχίσθη ὑπὸ ἔντασιν.

ΚΑΙ ΑΛΛΟ ΕΠΕΙΣΟΔΙΟΝ

ΚΑΝΕΛΛΟΠΟΥΛΟΣ: Ἐρωτῶ τὸν κ. Ὑπουργόν, ἐὰν γνωρίζῃ τὰ γεγονότα. ΠΡΟΕΔΡΟΣ: Παρακαλῶ, κύριοι βουλευταί, ἡσυχία. ΗΛΙΟΥ: Δὲν ἐπιτρέπεται τοιαύτη ἀναφορά. Ἡ συζήτησις διεκόπη ἐπ' ὀλίγον καὶ ἐπανελήφθη μετὰ τὴν ἀποκατάστασιν τῆς τάξεως ἐν τῇ αἰθούσῃ.

Ὁ κ. Κανελλόπουλος, ὁμιλῶν εἰς τὴν Βουλήν, ἰσχυρίσθη ὅτι ὑφίσταται σχέδιον διαβρώσεως τῆς νεολαίας. Οἱ βουλευταὶ τῆς ἀντιπολιτεύσεως διεμαρτυρήθησαν ζωηρῶς, ἐπηκολούθησαν δὲ θορυβώδεις σκηναί. Ὁ πρόεδρος τῆς Βουλῆς ἐκάλεσε τοὺς ὁμιλητὰς εἰς τάξιν καὶ ἡ συζήτησις συνεχίσθη ὑπὸ ἔντασιν.

ΤΑ ΠΡΩΤΑ ΕΠΕΙΣΟΔΙΑ

ΚΑΝΕΛΛΟΠΟΥΛΟΣ: Ἐρωτῶ τὸν κ. Ὑπουργόν, ἐὰν γνωρίζῃ τὰ γεγονότα. ΠΡΟΕΔΡΟΣ: Παρακαλῶ, κύριοι βουλευταί, ἡσυχία. ΗΛΙΟΥ: Δὲν ἐπιτρέπεται τοιαύτη ἀναφορά. Ἡ συζήτησις διεκόπη ἐπ' ὀλίγον καὶ ἐπανελήφθη μετὰ τὴν ἀποκατάστασιν τῆς τάξεως ἐν τῇ αἰθούσῃ.

ΠΟΥ ΠΑΤΕ ΚΥΡΙΕ...

Ὁ κ. Κανελλόπουλος, ὁμιλῶν εἰς τὴν Βουλήν, ἰσχυρίσθη ὅτι ὑφίσταται σχέδιον διαβρώσεως τῆς νεολαίας. Οἱ βουλευταὶ τῆς ἀντιπολιτεύσεως διεμαρτυρήθησαν ζωηρῶς, ἐπηκολούθησαν δὲ θορυβώδεις σκηναί. Ὁ πρόεδρος τῆς Βουλῆς ἐκάλεσε τοὺς ὁμιλητὰς εἰς τάξιν καὶ ἡ συζήτησις συνεχίσθη ὑπὸ ἔντασιν.

ΚΑΝΕΛΛΟΠΟΥΛΟΣ: Ἐρωτῶ τὸν κ. Ὑπουργόν, ἐὰν γνωρίζῃ τὰ γεγονότα. ΠΡΟΕΔΡΟΣ: Παρακαλῶ, κύριοι βουλευταί, ἡσυχία. ΗΛΙΟΥ: Δὲν ἐπιτρέπεται τοιαύτη ἀναφορά. Ἡ συζήτησις διεκόπη ἐπ' ὀλίγον καὶ ἐπανελήφθη μετὰ τὴν ἀποκατάστασιν τῆς τάξεως ἐν τῇ αἰθούσῃ.

ΑΙ ΦΟΒΕΡΑΙ ΣΤΟΙΧΕΙΑ

Ὁ κ. Κανελλόπουλος, ὁμιλῶν εἰς τὴν Βουλήν, ἰσχυρίσθη ὅτι ὑφίσταται σχέδιον διαβρώσεως τῆς νεολαίας. Οἱ βουλευταὶ τῆς ἀντιπολιτεύσεως διεμαρτυρήθησαν ζωηρῶς, ἐπηκολούθησαν δὲ θορυβώδεις σκηναί. Ὁ πρόεδρος τῆς Βουλῆς ἐκάλεσε τοὺς ὁμιλητὰς εἰς τάξιν καὶ ἡ συζήτησις συνεχίσθη ὑπὸ ἔντασιν.

Η ΕΚΛΟΓΗ ΝΕΥΡΟΚΟΠΙΟΥ

ΚΑΝΕΛΛΟΠΟΥΛΟΣ: Ἐρωτῶ τὸν κ. Ὑπουργόν, ἐὰν γνωρίζῃ τὰ γεγονότα. ΠΡΟΕΔΡΟΣ: Παρακαλῶ, κύριοι βουλευταί, ἡσυχία. ΗΛΙΟΥ: Δὲν ἐπιτρέπεται τοιαύτη ἀναφορά. Ἡ συζήτησις διεκόπη ἐπ' ὀλίγον καὶ ἐπανελήφθη μετὰ τὴν ἀποκατάστασιν τῆς τάξεως ἐν τῇ αἰθούσῃ.

ΕΙΣ ΤΗΝ ΔΙΑΤΑΞΙΝ

Ὁ κ. Κανελλόπουλος, ὁμιλῶν εἰς τὴν Βουλήν, ἰσχυρίσθη ὅτι ὑφίσταται σχέδιον διαβρώσεως τῆς νεολαίας. Οἱ βουλευταὶ τῆς ἀντιπολιτεύσεως διεμαρτυρήθησαν ζωηρῶς, ἐπηκολούθησαν δὲ θορυβώδεις σκηναί. Ὁ πρόεδρος τῆς Βουλῆς ἐκάλεσε τοὺς ὁμιλητὰς εἰς τάξιν καὶ ἡ συζήτησις συνεχίσθη ὑπὸ ἔντασιν.

ΕΔΡΑΙ ΕΚ ΤΟΥ ΑΦΑΝΟΥΣ

ΚΑΝΕΛΛΟΠΟΥΛΟΣ: Ἐρωτῶ τὸν κ. Ὑπουργόν, ἐὰν γνωρίζῃ τὰ γεγονότα. ΠΡΟΕΔΡΟΣ: Παρακαλῶ, κύριοι βουλευταί, ἡσυχία. ΗΛΙΟΥ: Δὲν ἐπιτρέπεται τοιαύτη ἀναφορά. Ἡ συζήτησις διεκόπη ἐπ' ὀλίγον καὶ ἐπανελήφθη μετὰ τὴν ἀποκατάστασιν τῆς τάξεως ἐν τῇ αἰθούσῃ.

Ὁ κ. Κανελλόπουλος, ὁμιλῶν εἰς τὴν Βουλήν, ἰσχυρίσθη ὅτι ὑφίσταται σχέδιον διαβρώσεως τῆς νεολαίας. Οἱ βουλευταὶ τῆς ἀντιπολιτεύσεως διεμαρτυρήθησαν ζωηρῶς, ἐπηκολούθησαν δὲ θορυβώδεις σκηναί. Ὁ πρόεδρος τῆς Βουλῆς ἐκάλεσε τοὺς ὁμιλητὰς εἰς τάξιν καὶ ἡ συζήτησις συνεχίσθη ὑπὸ ἔντασιν.

ΚΑΝΕΛΛΟΠΟΥΛΟΣ: Ἐρωτῶ τὸν κ. Ὑπουργόν, ἐὰν γνωρίζῃ τὰ γεγονότα. ΠΡΟΕΔΡΟΣ: Παρακαλῶ, κύριοι βουλευταί, ἡσυχία. ΗΛΙΟΥ: Δὲν ἐπιτρέπεται τοιαύτη ἀναφορά. Ἡ συζήτησις διεκόπη ἐπ' ὀλίγον καὶ ἐπανελήφθη μετὰ τὴν ἀποκατάστασιν τῆς τάξεως ἐν τῇ αἰθούσῃ.

Ὁ κ. Κανελλόπουλος, ὁμιλῶν εἰς τὴν Βουλήν, ἰσχυρίσθη ὅτι ὑφίσταται σχέδιον διαβρώσεως τῆς νεολαίας. Οἱ βουλευταὶ τῆς ἀντιπολιτεύσεως διεμαρτυρήθησαν ζωηρῶς, ἐπηκολούθησαν δὲ θορυβώδεις σκηναί. Ὁ πρόεδρος τῆς Βουλῆς ἐκάλεσε τοὺς ὁμιλητὰς εἰς τάξιν καὶ ἡ συζήτησις συνεχίσθη ὑπὸ ἔντασιν.

Εἰς τὴν 8ην σελίδα
Σελίς 7
ΚΛΙΜΑΚΙΟΝ ΥΠΟΥΡΓΩΝ ΕΙΣ ΘΕΣΣΑΛΟΝΙΚΗΝ ΠΡΟΣ ΕΞΕΤΑΣΙΝ ΤΟΥ ΘΕΜΑΤΟΣ ΤΟΥ ΚΑΠΝΟΥ
ΣΟΒΑΡΑ ΠΡΟΒΛΗΜΑΤΑ ΕΙΣ ΤΗΝ ΤΟΥΡΚΙΑΝ

ΘΕΣΣΑΛΟΝΙΚΗ, 16.— Κλιμάκιον Ὑπουργῶν ἀφικνεῖται σήμερον εἰς τὴν πόλιν μας, πρὸς ἐξέτασιν τοῦ θέματος τοῦ καπνοῦ. Οἱ καπνοπαραγωγοὶ ἀναμένουν τὴν λῆψιν μέτρων διὰ τὴν διάθεσιν τῆς παραγωγῆς καὶ τὴν στήριξιν τῶν τιμῶν, ἐν ὄψει τῆς νέας καλλιεργητικῆς περιόδου.

Αἱ προσπάθειαι τῆς Κυβερνήσεως ἀποβλέπουν εἰς τὴν ἐξυγίανσιν τῆς ἀγορᾶς. Συναντήσεις θὰ πραγματοποιηθοῦν μετὰ τῶν ἐκπροσώπων τῶν ἐμπόρων καὶ τῶν συνεταιρισμῶν, ἐλπίζεται δὲ ὅτι θὰ ἐξευρεθῇ λύσις ἱκανοποιητικὴ διὰ πάντας τοὺς ἐνδιαφερομένους.

ΕΠΙΣΗΜΟΙ ΑΠΟΦΑΣΕΙΣ

ΘΕΣΣΑΛΟΝΙΚΗ, 16.— Κλιμάκιον Ὑπουργῶν ἀφικνεῖται σήμερον εἰς τὴν πόλιν μας, πρὸς ἐξέτασιν τοῦ θέματος τοῦ καπνοῦ. Οἱ καπνοπαραγωγοὶ ἀναμένουν τὴν λῆψιν μέτρων διὰ τὴν διάθεσιν τῆς παραγωγῆς καὶ τὴν στήριξιν τῶν τιμῶν, ἐν ὄψει τῆς νέας καλλιεργητικῆς περιόδου.

Αἱ προσπάθειαι τῆς Κυβερνήσεως ἀποβλέπουν εἰς τὴν ἐξυγίανσιν τῆς ἀγορᾶς. Συναντήσεις θὰ πραγματοποιηθοῦν μετὰ τῶν ἐκπροσώπων τῶν ἐμπόρων καὶ τῶν συνεταιρισμῶν, ἐλπίζεται δὲ ὅτι θὰ ἐξευρεθῇ λύσις ἱκανοποιητικὴ διὰ πάντας τοὺς ἐνδιαφερομένους.

Αἱ προσπάθειαι τῆς Κυβερνήσεως ἀποβλέπουν εἰς τὴν ἐξυγίανσιν τῆς ἀγορᾶς. Συναντήσεις θὰ πραγματοποιηθοῦν μετὰ τῶν ἐκπροσώπων τῶν ἐμπόρων καὶ τῶν συνεταιρισμῶν, ἐλπίζεται δὲ ὅτι θὰ ἐξευρεθῇ λύσις ἱκανοποιητικὴ διὰ πάντας τοὺς ἐνδιαφερομένους.

ΘΕΣΣΑΛΟΝΙΚΗ, 16.— Κλιμάκιον Ὑπουργῶν ἀφικνεῖται σήμερον εἰς τὴν πόλιν μας, πρὸς ἐξέτασιν τοῦ θέματος τοῦ καπνοῦ. Οἱ καπνοπαραγωγοὶ ἀναμένουν τὴν λῆψιν μέτρων διὰ τὴν διάθεσιν τῆς παραγωγῆς καὶ τὴν στήριξιν τῶν τιμῶν, ἐν ὄψει τῆς νέας καλλιεργητικῆς περιόδου.

ΠΡΟΒΛΗΜΑΤΑ ΕΙΣ ΤΗΝ ΤΟΥΡΚΙΑΝ

Αἱ προσπάθειαι τῆς Κυβερνήσεως ἀποβλέπουν εἰς τὴν ἐξυγίανσιν τῆς ἀγορᾶς. Συναντήσεις θὰ πραγματοποιηθοῦν μετὰ τῶν ἐκπροσώπων τῶν ἐμπόρων καὶ τῶν συνεταιρισμῶν, ἐλπίζεται δὲ ὅτι θὰ ἐξευρεθῇ λύσις ἱκανοποιητικὴ διὰ πάντας τοὺς ἐνδιαφερομένους.

ΘΕΣΣΑΛΟΝΙΚΗ, 16.— Κλιμάκιον Ὑπουργῶν ἀφικνεῖται σήμερον εἰς τὴν πόλιν μας, πρὸς ἐξέτασιν τοῦ θέματος τοῦ καπνοῦ. Οἱ καπνοπαραγωγοὶ ἀναμένουν τὴν λῆψιν μέτρων διὰ τὴν διάθεσιν τῆς παραγωγῆς καὶ τὴν στήριξιν τῶν τιμῶν, ἐν ὄψει τῆς νέας καλλιεργητικῆς περιόδου.

Η ΒΟΥΘΗ ΗΣΧΟΛΗΘΗ ΧΘΕΣ ΚΑΙ ΜΕ ΕΡΩΤΗΣΕΙΣ ΑΡΜΟΔΙΟΤΗΤΟΣ ΥΠΟΥΡΓΕΙΟΥ ΔΙΚΑΙΟΣΥΝΗΣ
ΤΑ ΤΕΑ, Η ΕΔΑ, ΟΙ ΔΙΚΗΓΟΡΟΙ ΚΑΙ ΔΙΚΟΛΑΒΟΙ

ΚΑΝΕΛΛΟΠΟΥΛΟΣ: Ἐρωτῶ τὸν κ. Ὑπουργόν, ἐὰν γνωρίζῃ τὰ γεγονότα. ΠΡΟΕΔΡΟΣ: Παρακαλῶ, κύριοι βουλευταί, ἡσυχία. ΗΛΙΟΥ: Δὲν ἐπιτρέπεται τοιαύτη ἀναφορά. Ἡ συζήτησις διεκόπη ἐπ' ὀλίγον καὶ ἐπανελήφθη μετὰ τὴν ἀποκατάστασιν τῆς τάξεως ἐν τῇ αἰθούσῃ.

Ὁ κ. Κανελλόπουλος, ὁμιλῶν εἰς τὴν Βουλήν, ἰσχυρίσθη ὅτι ὑφίσταται σχέδιον διαβρώσεως τῆς νεολαίας. Οἱ βουλευταὶ τῆς ἀντιπολιτεύσεως διεμαρτυρήθησαν ζωηρῶς, ἐπηκολούθησαν δὲ θορυβώδεις σκηναί. Ὁ πρόεδρος τῆς Βουλῆς ἐκάλεσε τοὺς ὁμιλητὰς εἰς τάξιν καὶ ἡ συζήτησις συνεχίσθη ὑπὸ ἔντασιν.

ΚΑΝΕΛΛΟΠΟΥΛΟΣ: Ἐρωτῶ τὸν κ. Ὑπουργόν, ἐὰν γνωρίζῃ τὰ γεγονότα. ΠΡΟΕΔΡΟΣ: Παρακαλῶ, κύριοι βουλευταί, ἡσυχία. ΗΛΙΟΥ: Δὲν ἐπιτρέπεται τοιαύτη ἀναφορά. Ἡ συζήτησις διεκόπη ἐπ' ὀλίγον καὶ ἐπανελήφθη μετὰ τὴν ἀποκατάστασιν τῆς τάξεως ἐν τῇ αἰθούσῃ.

Ὁ κ. Κανελλόπουλος, ὁμιλῶν εἰς τὴν Βουλήν, ἰσχυρίσθη ὅτι ὑφίσταται σχέδιον διαβρώσεως τῆς νεολαίας. Οἱ βουλευταὶ τῆς ἀντιπολιτεύσεως διεμαρτυρήθησαν ζωηρῶς, ἐπηκολούθησαν δὲ θορυβώδεις σκηναί. Ὁ πρόεδρος τῆς Βουλῆς ἐκάλεσε τοὺς ὁμιλητὰς εἰς τάξιν καὶ ἡ συζήτησις συνεχίσθη ὑπὸ ἔντασιν.

Ὁ κ. Κανελλόπουλος, ὁμιλῶν εἰς τὴν Βουλήν, ἰσχυρίσθη ὅτι ὑφίσταται σχέδιον διαβρώσεως τῆς νεολαίας. Οἱ βουλευταὶ τῆς ἀντιπολιτεύσεως διεμαρτυρήθησαν ζωηρῶς, ἐπηκολούθησαν δὲ θορυβώδεις σκηναί. Ὁ πρόεδρος τῆς Βουλῆς ἐκάλεσε τοὺς ὁμιλητὰς εἰς τάξιν καὶ ἡ συζήτησις συνεχίσθη ὑπὸ ἔντασιν.

Η ΑΣΦΑΛΙΣΙΣ ΔΙΚΟΛΑΒΩΝ

ΚΑΝΕΛΛΟΠΟΥΛΟΣ: Ἐρωτῶ τὸν κ. Ὑπουργόν, ἐὰν γνωρίζῃ τὰ γεγονότα. ΠΡΟΕΔΡΟΣ: Παρακαλῶ, κύριοι βουλευταί, ἡσυχία. ΗΛΙΟΥ: Δὲν ἐπιτρέπεται τοιαύτη ἀναφορά. Ἡ συζήτησις διεκόπη ἐπ' ὀλίγον καὶ ἐπανελήφθη μετὰ τὴν ἀποκατάστασιν τῆς τάξεως ἐν τῇ αἰθούσῃ.

Ὁ κ. Κανελλόπουλος, ὁμιλῶν εἰς τὴν Βουλήν, ἰσχυρίσθη ὅτι ὑφίσταται σχέδιον διαβρώσεως τῆς νεολαίας. Οἱ βουλευταὶ τῆς ἀντιπολιτεύσεως διεμαρτυρήθησαν ζωηρῶς, ἐπηκολούθησαν δὲ θορυβώδεις σκηναί. Ὁ πρόεδρος τῆς Βουλῆς ἐκάλεσε τοὺς ὁμιλητὰς εἰς τάξιν καὶ ἡ συζήτησις συνεχίσθη ὑπὸ ἔντασιν.

ΚΑΝΕΛΛΟΠΟΥΛΟΣ: Ἐρωτῶ τὸν κ. Ὑπουργόν, ἐὰν γνωρίζῃ τὰ γεγονότα. ΠΡΟΕΔΡΟΣ: Παρακαλῶ, κύριοι βουλευταί, ἡσυχία. ΗΛΙΟΥ: Δὲν ἐπιτρέπεται τοιαύτη ἀναφορά. Ἡ συζήτησις διεκόπη ἐπ' ὀλίγον καὶ ἐπανελήφθη μετὰ τὴν ἀποκατάστασιν τῆς τάξεως ἐν τῇ αἰθούσῃ.

169 ΝΕΑ ΑΓΡΟΤΙΚΑ ΚΤΗΝΙΑΤΡΕΙΑ ΙΔΡΥΟΝΤΑΙ ΕΝΤΟΣ ΤΟΥ ΕΤΟΥΣ ΕΙΣ ΟΛΗΝ ΤΗΝ ΧΩΡΑΝ ΔΙΑ ΤΗΝ ΚΑΤΑΠΟΛΕΜΗΣΙΝ ΤΩΝ ΑΣΘΕΝΕΙΩΝ

ΘΕΣΣΑΛΟΝΙΚΗ, 16.— Κλιμάκιον Ὑπουργῶν ἀφικνεῖται σήμερον εἰς τὴν πόλιν μας, πρὸς ἐξέτασιν τοῦ θέματος τοῦ καπνοῦ. Οἱ καπνοπαραγωγοὶ ἀναμένουν τὴν λῆψιν μέτρων διὰ τὴν διάθεσιν τῆς παραγωγῆς καὶ τὴν στήριξιν τῶν τιμῶν, ἐν ὄψει τῆς νέας καλλιεργητικῆς περιόδου.

Αἱ προσπάθειαι τῆς Κυβερνήσεως ἀποβλέπουν εἰς τὴν ἐξυγίανσιν τῆς ἀγορᾶς. Συναντήσεις θὰ πραγματοποιηθοῦν μετὰ τῶν ἐκπροσώπων τῶν ἐμπόρων καὶ τῶν συνεταιρισμῶν, ἐλπίζεται δὲ ὅτι θὰ ἐξευρεθῇ λύσις ἱκανοποιητικὴ διὰ πάντας τοὺς ἐνδιαφερομένους.

ΘΕΣΣΑΛΟΝΙΚΗ, 16.— Κλιμάκιον Ὑπουργῶν ἀφικνεῖται σήμερον εἰς τὴν πόλιν μας, πρὸς ἐξέτασιν τοῦ θέματος τοῦ καπνοῦ. Οἱ καπνοπαραγωγοὶ ἀναμένουν τὴν λῆψιν μέτρων διὰ τὴν διάθεσιν τῆς παραγωγῆς καὶ τὴν στήριξιν τῶν τιμῶν, ἐν ὄψει τῆς νέας καλλιεργητικῆς περιόδου.

Αἱ προσπάθειαι τῆς Κυβερνήσεως ἀποβλέπουν εἰς τὴν ἐξυγίανσιν τῆς ἀγορᾶς. Συναντήσεις θὰ πραγματοποιηθοῦν μετὰ τῶν ἐκπροσώπων τῶν ἐμπόρων καὶ τῶν συνεταιρισμῶν, ἐλπίζεται δὲ ὅτι θὰ ἐξευρεθῇ λύσις ἱκανοποιητικὴ διὰ πάντας τοὺς ἐνδιαφερομένους.

ΘΕΣΣΑΛΟΝΙΚΗ, 16.— Κλιμάκιον Ὑπουργῶν ἀφικνεῖται σήμερον εἰς τὴν πόλιν μας, πρὸς ἐξέτασιν τοῦ θέματος τοῦ καπνοῦ. Οἱ καπνοπαραγωγοὶ ἀναμένουν τὴν λῆψιν μέτρων διὰ τὴν διάθεσιν τῆς παραγωγῆς καὶ τὴν στήριξιν τῶν τιμῶν, ἐν ὄψει τῆς νέας καλλιεργητικῆς περιόδου.

Αἱ προσπάθειαι τῆς Κυβερνήσεως ἀποβλέπουν εἰς τὴν ἐξυγίανσιν τῆς ἀγορᾶς. Συναντήσεις θὰ πραγματοποιηθοῦν μετὰ τῶν ἐκπροσώπων τῶν ἐμπόρων καὶ τῶν συνεταιρισμῶν, ἐλπίζεται δὲ ὅτι θὰ ἐξευρεθῇ λύσις ἱκανοποιητικὴ διὰ πάντας τοὺς ἐνδιαφερομένους.

Ο κ. ΚΑΚΟΓΙΑΝΝΗΣ ΕΔΩΣΕ ΔΕΞΙΩΣΙΝ ΕΙΣ ΠΑΡΙΣΙΟΥΣ ΕΠ' ΕΥΚΑΙΡΙΑ ΤΗΣ ΠΡΟΒΟΛΗΣ ΤΟΥ «ΑΛΕΞΗ ΖΟΡΜΠΑ»

Τὰ συνεργεῖα τοῦ Ὑπουργείου Δημοσίων Ἔργων ἐργάζονται συνεχῶς πρὸς διάνοιξιν τῶν ὁδῶν, αἱ ὁποῖαι ἀπεκλείσθησαν ἐκ τῶν χιόνων. Κατὰ τὰς τελευταίας ἡμέρας ὁ καιρὸς ὑπῆρξε βαρύς, ἀναμένεται δὲ βελτίωσις ἀπὸ τῆς αὔριον εἰς ὁλόκληρον τὴν χώραν.

ΑΘΗΝΑΙ, 16.— Κατὰ τὰς πληροφορίας τῆς Μετεωρολογικῆς Ὑπηρεσίας, χθὲς ἐσημειώθησαν νέαι χιονοπτώσεις εἰς τὰς ὀρεινὰς περιοχὰς τῆς Δυτικῆς Ἑλλάδος. Ἡ θερμοκρασία ἐσημείωσεν αἰσθητὴν πτῶσιν, εἰς πολλὰ δὲ χωρία διεκόπη ἡ συγκοινωνία. Αἱ ἀρμόδιαι ἀρχαὶ ἔλαβον μέτρα διὰ τὴν ἀποκατάστασιν τῆς κυκλοφορίας καὶ τὴν ἐξυπηρέτησιν τῶν κατοίκων.

ΑΘΗΝΑΙ, 16.— Κατὰ τὰς πληροφορίας τῆς Μετεωρολογικῆς Ὑπηρεσίας, χθὲς ἐσημειώθησαν νέαι χιονοπτώσεις εἰς τὰς ὀρεινὰς περιοχὰς τῆς Δυτικῆς Ἑλλάδος. Ἡ θερμοκρασία ἐσημείωσεν αἰσθητὴν πτῶσιν, εἰς πολλὰ δὲ χωρία διεκόπη ἡ συγκοινωνία. Αἱ ἀρμόδιαι ἀρχαὶ ἔλαβον μέτρα διὰ τὴν ἀποκατάστασιν τῆς κυκλοφορίας καὶ τὴν ἐξυπηρέτησιν τῶν κατοίκων.

Ο ΣΤΡΑΓΓΑΛΙΣΤΗΣ ΔΙΣΙΡΑΣΕ ΤΟΝ ΕΚΤΟΝ ΦΟΝΟΝ

Τὰ συνεργεῖα τοῦ Ὑπουργείου Δημοσίων Ἔργων ἐργάζονται συνεχῶς πρὸς διάνοιξιν τῶν ὁδῶν, αἱ ὁποῖαι ἀπεκλείσθησαν ἐκ τῶν χιόνων. Κατὰ τὰς τελευταίας ἡμέρας ὁ καιρὸς ὑπῆρξε βαρύς, ἀναμένεται δὲ βελτίωσις ἀπὸ τῆς αὔριον εἰς ὁλόκληρον τὴν χώραν.

ΓΑΙΝΙΑ ΜΕ ΑΙΔΝΟΒΙΟΥΣ

Τὰ συνεργεῖα τοῦ Ὑπουργείου Δημοσίων Ἔργων ἐργάζονται συνεχῶς πρὸς διάνοιξιν τῶν ὁδῶν, αἱ ὁποῖαι ἀπεκλείσθησαν ἐκ τῶν χιόνων. Κατὰ τὰς τελευταίας ἡμέρας ὁ καιρὸς ὑπῆρξε βαρύς, ἀναμένεται δὲ βελτίωσις ἀπὸ τῆς αὔριον εἰς ὁλόκληρον τὴν χώραν.
